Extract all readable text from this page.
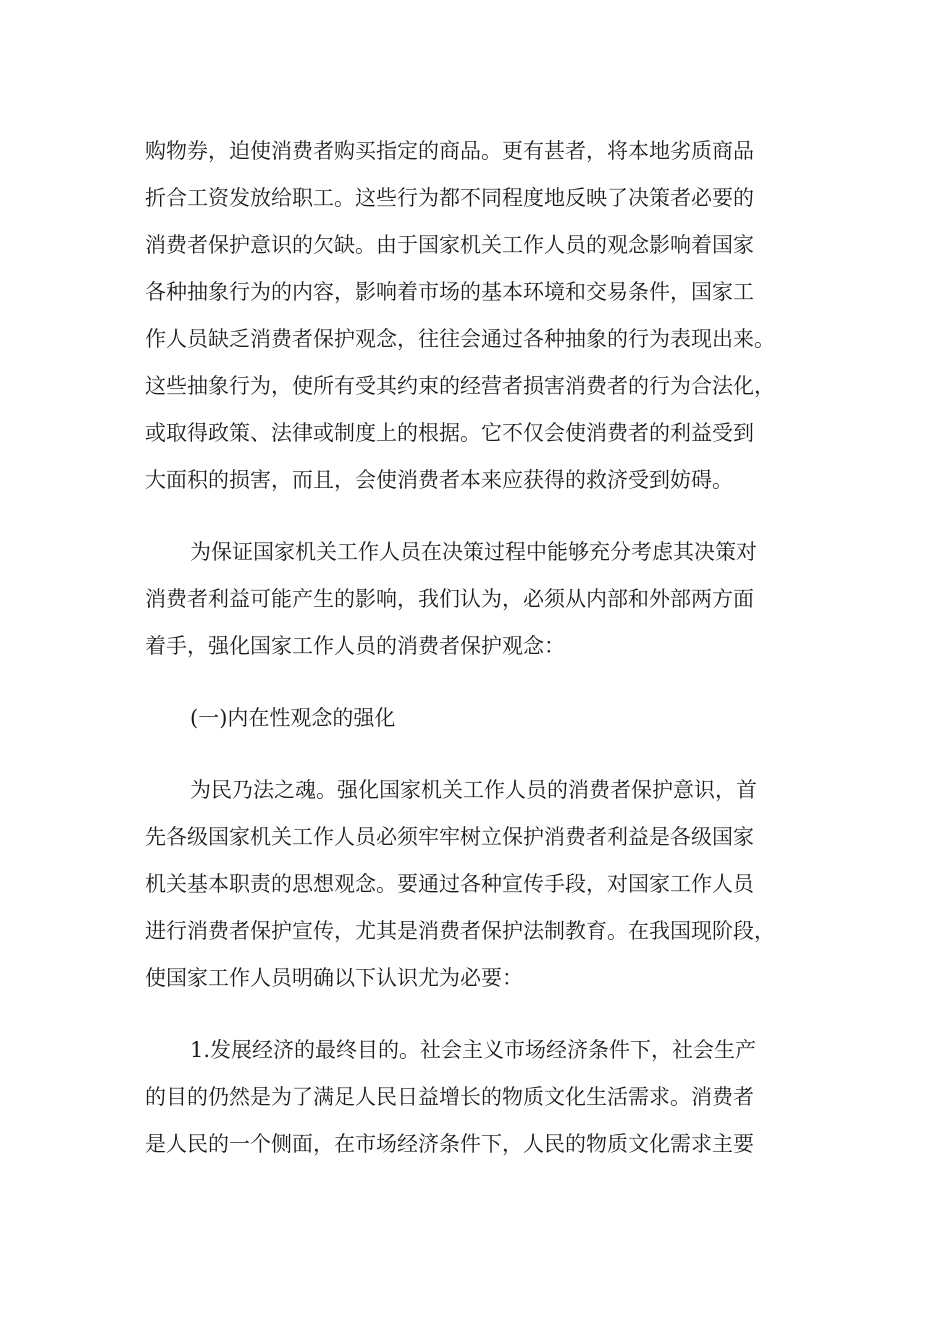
购物券，迫使消费者购买指定的商品。更有甚者，将本地劣质商品
折合工资发放给职工。这些行为都不同程度地反映了决策者必要的
消费者保护意识的欠缺。由于国家机关工作人员的观念影响着国家
各种抽象行为的内容，影响着市场的基本环境和交易条件，国家工
作人员缺乏消费者保护观念，往往会通过各种抽象的行为表现出来。
这些抽象行为，使所有受其约束的经营者损害消费者的行为合法化，
或取得政策、法律或制度上的根据。它不仅会使消费者的利益受到
大面积的损害，而且，会使消费者本来应获得的救济受到妨碍。
为保证国家机关工作人员在决策过程中能够充分考虑其决策对
消费者利益可能产生的影响，我们认为，必须从内部和外部两方面
着手，强化国家工作人员的消费者保护观念：
(一)内在性观念的强化
为民乃法之魂。强化国家机关工作人员的消费者保护意识，首
先各级国家机关工作人员必须牢牢树立保护消费者利益是各级国家
机关基本职责的思想观念。要通过各种宣传手段，对国家工作人员
进行消费者保护宣传，尤其是消费者保护法制教育。在我国现阶段，
使国家工作人员明确以下认识尤为必要：
1.发展经济的最终目的。社会主义市场经济条件下，社会生产
的目的仍然是为了满足人民日益增长的物质文化生活需求。消费者
是人民的一个侧面，在市场经济条件下，人民的物质文化需求主要
